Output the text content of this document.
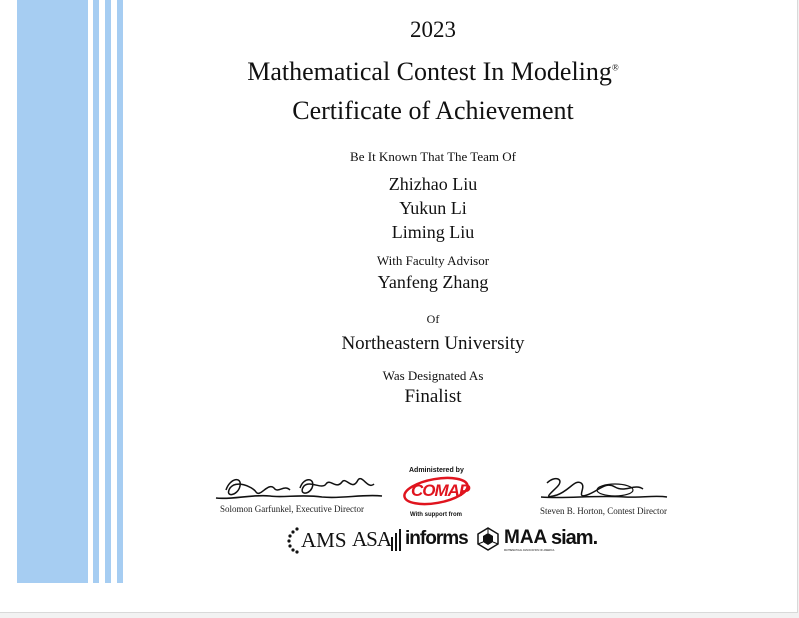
2023
Mathematical Contest In Modeling®
Certificate of Achievement
Be It Known That The Team Of
Zhizhao Liu
Yukun Li
Liming Liu
With Faculty Advisor
Yanfeng Zhang
Of
Northeastern University
Was Designated As
Finalist
Solomon Garfunkel, Executive Director	Steven B. Horton, Contest Director
Administered by
COMAP
With support from
AMS ASA informs MAA
MATHEMATICAL ASSOCIATION OF AMERICA
siam.
